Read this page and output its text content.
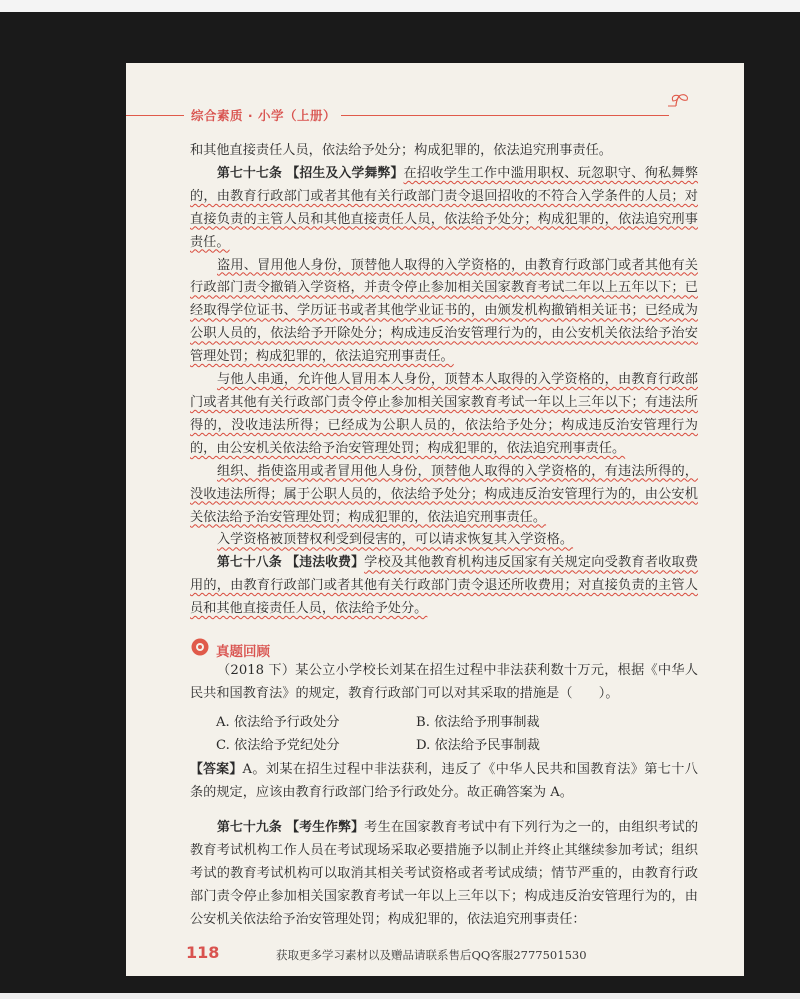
综合素质 · 小学（上册）

和其他直接责任人员，依法给予处分；构成犯罪的，依法追究刑事责任。

第七十七条 【招生及入学舞弊】在招收学生工作中滥用职权、玩忽职守、徇私舞弊的，由教育行政部门或者其他有关行政部门责令退回招收的不符合入学条件的人员；对直接负责的主管人员和其他直接责任人员，依法给予处分；构成犯罪的，依法追究刑事责任。

盗用、冒用他人身份，顶替他人取得的入学资格的，由教育行政部门或者其他有关行政部门责令撤销入学资格，并责令停止参加相关国家教育考试二年以上五年以下；已经取得学位证书、学历证书或者其他学业证书的，由颁发机构撤销相关证书；已经成为公职人员的，依法给予开除处分；构成违反治安管理行为的，由公安机关依法给予治安管理处罚；构成犯罪的，依法追究刑事责任。

与他人串通，允许他人冒用本人身份，顶替本人取得的入学资格的，由教育行政部门或者其他有关行政部门责令停止参加相关国家教育考试一年以上三年以下；有违法所得的，没收违法所得；已经成为公职人员的，依法给予处分；构成违反治安管理行为的，由公安机关依法给予治安管理处罚；构成犯罪的，依法追究刑事责任。

组织、指使盗用或者冒用他人身份，顶替他人取得的入学资格的，有违法所得的，没收违法所得；属于公职人员的，依法给予处分；构成违反治安管理行为的，由公安机关依法给予治安管理处罚；构成犯罪的，依法追究刑事责任。

入学资格被顶替权利受到侵害的，可以请求恢复其入学资格。

第七十八条 【违法收费】学校及其他教育机构违反国家有关规定向受教育者收取费用的，由教育行政部门或者其他有关行政部门责令退还所收费用；对直接负责的主管人员和其他直接责任人员，依法给予处分。

真题回顾

（2018 下）某公立小学校长刘某在招生过程中非法获利数十万元，根据《中华人民共和国教育法》的规定，教育行政部门可以对其采取的措施是（　　）。

A. 依法给予行政处分	B. 依法给予刑事制裁
C. 依法给予党纪处分	D. 依法给予民事制裁

【答案】A。刘某在招生过程中非法获利，违反了《中华人民共和国教育法》第七十八条的规定，应该由教育行政部门给予行政处分。故正确答案为 A。

第七十九条 【考生作弊】考生在国家教育考试中有下列行为之一的，由组织考试的教育考试机构工作人员在考试现场采取必要措施予以制止并终止其继续参加考试；组织考试的教育考试机构可以取消其相关考试资格或者考试成绩；情节严重的，由教育行政部门责令停止参加相关国家教育考试一年以上三年以下；构成违反治安管理行为的，由公安机关依法给予治安管理处罚；构成犯罪的，依法追究刑事责任：

118	获取更多学习素材以及赠品请联系售后QQ客服2777501530
